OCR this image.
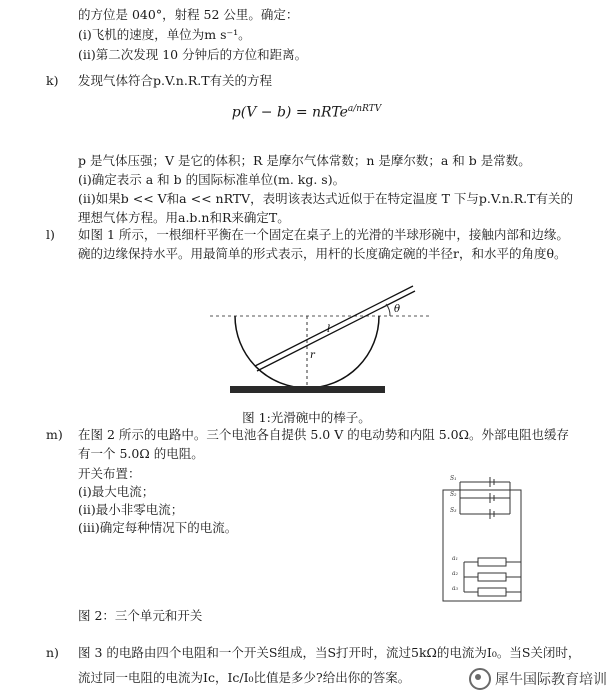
的方位是 040°，射程 52 公里。确定：
(i)飞机的速度，单位为m s⁻¹。
(ii)第二次发现 10 分钟后的方位和距离。
k) 发现气体符合p.V.n.R.T有关的方程
p(V − b) = nRTe$^{a/nRTV}$
p 是气体压强；V 是它的体积；R 是摩尔气体常数；n 是摩尔数；a 和 b 是常数。
(i)确定表示 a 和 b 的国际标准单位(m. kg. s)。
(ii)如果b << V和a << nRTV，表明该表达式近似于在特定温度 T 下与p.V.n.R.T有关的
理想气体方程。用a.b.n和R来确定T。
l) 如图 1 所示，一根细杆平衡在一个固定在桌子上的光滑的半球形碗中，接触内部和边缘。
碗的边缘保持水平。用最简单的形式表示，用杆的长度确定碗的半径r，和水平的角度θ。
l
r
θ
图 1:光滑碗中的棒子。
m) 在图 2 所示的电路中。三个电池各自提供 5.0 V 的电动势和内阻 5.0Ω。外部电阻也缓存
有一个 5.0Ω 的电阻。
开关布置：
(i)最大电流；
(ii)最小非零电流；
(iii)确定每种情况下的电流。
S₁
S₂
S₃
a₁
a₂
a₃
图 2：三个单元和开关
n) 图 3 的电路由四个电阻和一个开关S组成，当S打开时，流过5kΩ的电流为I₀。当S关闭时，
流过同一电阻的电流为Ic，Ic/I₀比值是多少?给出你的答案。	犀牛国际教育培训
